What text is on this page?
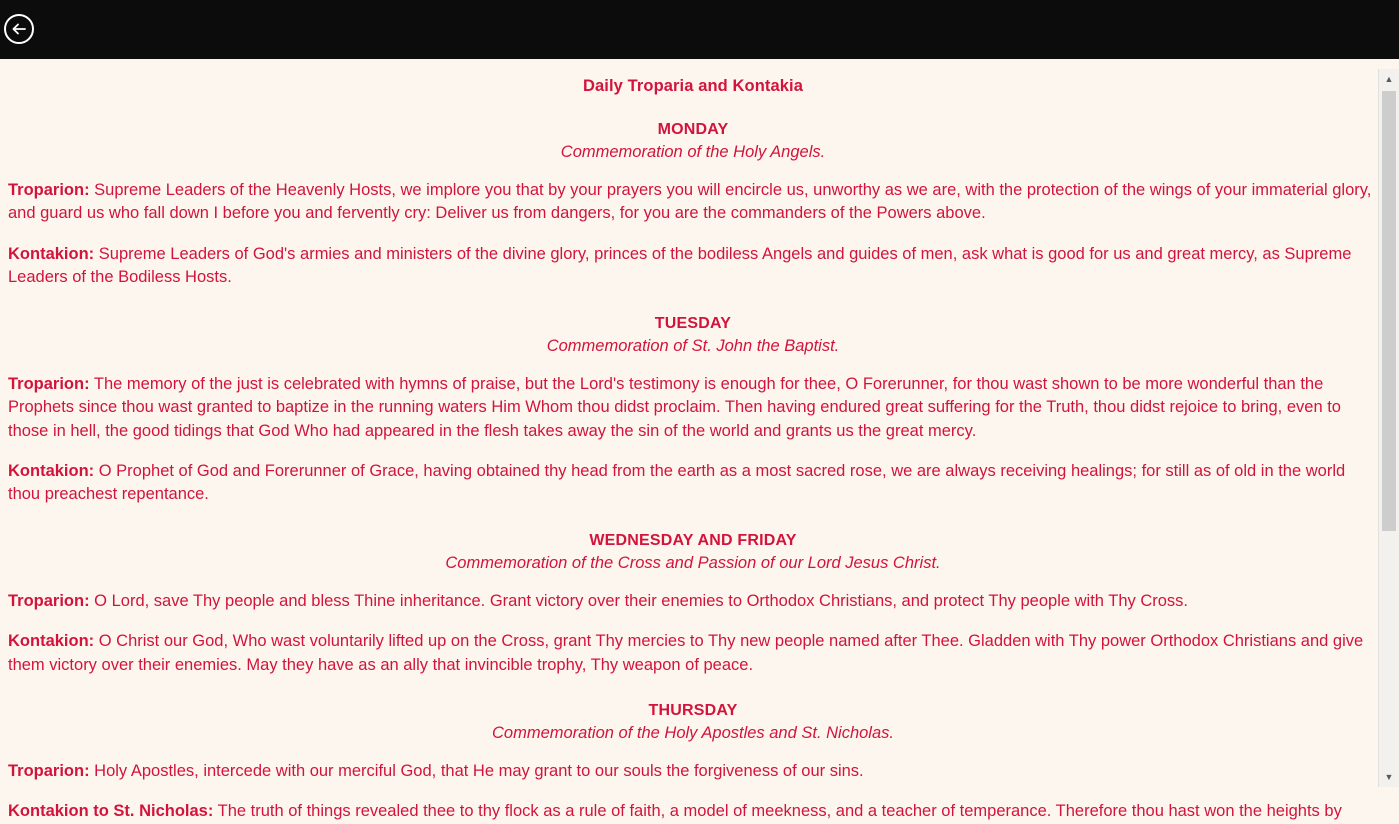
Daily Troparia and Kontakia
MONDAY
Commemoration of the Holy Angels.

Troparion: Supreme Leaders of the Heavenly Hosts, we implore you that by your prayers you will encircle us, unworthy as we are, with the protection of the wings of your immaterial glory, and guard us who fall down I before you and fervently cry: Deliver us from dangers, for you are the commanders of the Powers above.

Kontakion: Supreme Leaders of God's armies and ministers of the divine glory, princes of the bodiless Angels and guides of men, ask what is good for us and great mercy, as Supreme Leaders of the Bodiless Hosts.

TUESDAY
Commemoration of St. John the Baptist.

Troparion: The memory of the just is celebrated with hymns of praise, but the Lord's testimony is enough for thee, O Forerunner, for thou wast shown to be more wonderful than the Prophets since thou wast granted to baptize in the running waters Him Whom thou didst proclaim. Then having endured great suffering for the Truth, thou didst rejoice to bring, even to those in hell, the good tidings that God Who had appeared in the flesh takes away the sin of the world and grants us the great mercy.

Kontakion: O Prophet of God and Forerunner of Grace, having obtained thy head from the earth as a most sacred rose, we are always receiving healings; for still as of old in the world thou preachest repentance.

WEDNESDAY AND FRIDAY
Commemoration of the Cross and Passion of our Lord Jesus Christ.

Troparion: O Lord, save Thy people and bless Thine inheritance. Grant victory over their enemies to Orthodox Christians, and protect Thy people with Thy Cross.

Kontakion: O Christ our God, Who wast voluntarily lifted up on the Cross, grant Thy mercies to Thy new people named after Thee. Gladden with Thy power Orthodox Christians and give them victory over their enemies. May they have as an ally that invincible trophy, Thy weapon of peace.

THURSDAY
Commemoration of the Holy Apostles and St. Nicholas.

Troparion: Holy Apostles, intercede with our merciful God, that He may grant to our souls the forgiveness of our sins.

Kontakion to St. Nicholas: The truth of things revealed thee to thy flock as a rule of faith, a model of meekness, and a teacher of temperance. Therefore thou hast won the heights by

▲
▼
